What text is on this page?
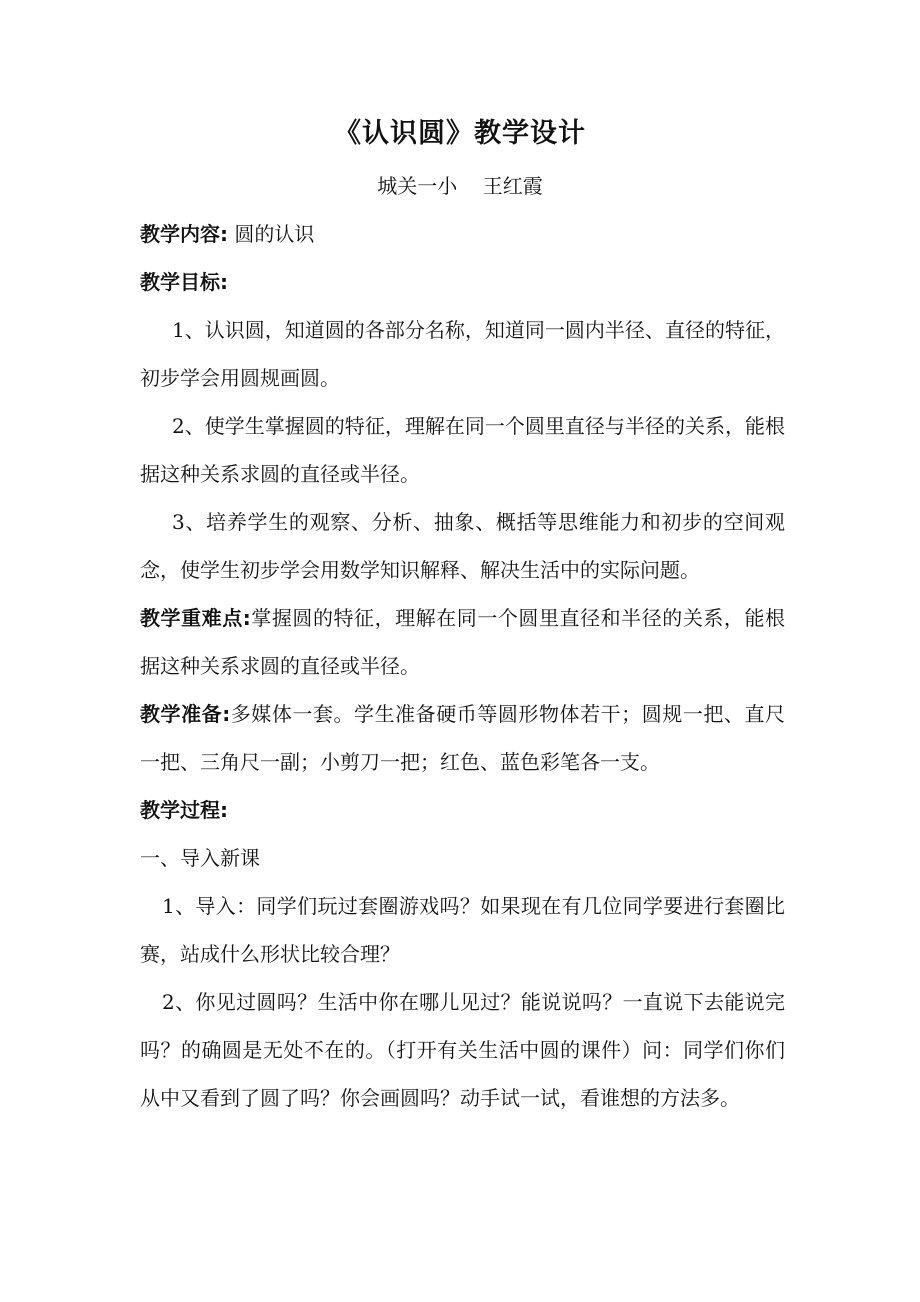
《认识圆》教学设计
城关一小    王红霞

教学内容: 圆的认识

教学目标:

1、认识圆，知道圆的各部分名称，知道同一圆内半径、直径的特征，初步学会用圆规画圆。

2、使学生掌握圆的特征，理解在同一个圆里直径与半径的关系，能根据这种关系求圆的直径或半径。

3、培养学生的观察、分析、抽象、概括等思维能力和初步的空间观念，使学生初步学会用数学知识解释、解决生活中的实际问题。

教学重难点:掌握圆的特征，理解在同一个圆里直径和半径的关系，能根据这种关系求圆的直径或半径。

教学准备:多媒体一套。学生准备硬币等圆形物体若干；圆规一把、直尺一把、三角尺一副；小剪刀一把；红色、蓝色彩笔各一支。

教学过程:

一、导入新课

1、导入：同学们玩过套圈游戏吗？如果现在有几位同学要进行套圈比赛，站成什么形状比较合理？

2、你见过圆吗？生活中你在哪儿见过？能说说吗？一直说下去能说完吗？的确圆是无处不在的。（打开有关生活中圆的课件）问：同学们你们从中又看到了圆了吗？你会画圆吗？动手试一试，看谁想的方法多。
